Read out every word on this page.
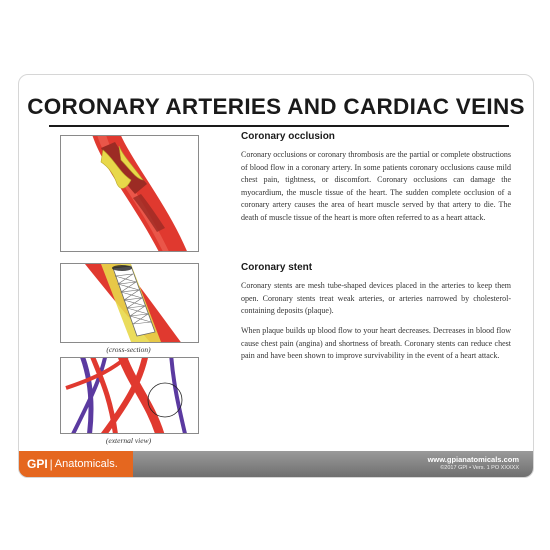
CORONARY ARTERIES AND CARDIAC VEINS
(cross-section)
(external view)
Coronary occlusion

Coronary occlusions or coronary thrombosis are the partial or complete obstructions of blood flow in a coronary artery. In some patients coronary occlusions cause mild chest pain, tightness, or discomfort. Coronary occlusions can damage the myocardium, the muscle tissue of the heart. The sudden complete occlusion of a coronary artery causes the area of heart muscle served by that artery to die. The death of muscle tissue of the heart is more often referred to as a heart attack.

Coronary stent

Coronary stents are mesh tube-shaped devices placed in the arteries to keep them open. Coronary stents treat weak arteries, or arteries narrowed by cholesterol-containing deposits (plaque).

When plaque builds up blood flow to your heart decreases. Decreases in blood flow cause chest pain (angina) and shortness of breath. Coronary stents can reduce chest pain and have been shown to improve survivability in the event of a heart attack.

GPI | Anatomicals.	www.gpianatomicals.com
©2017 GPI • Vers. 1 PO XXXXX
